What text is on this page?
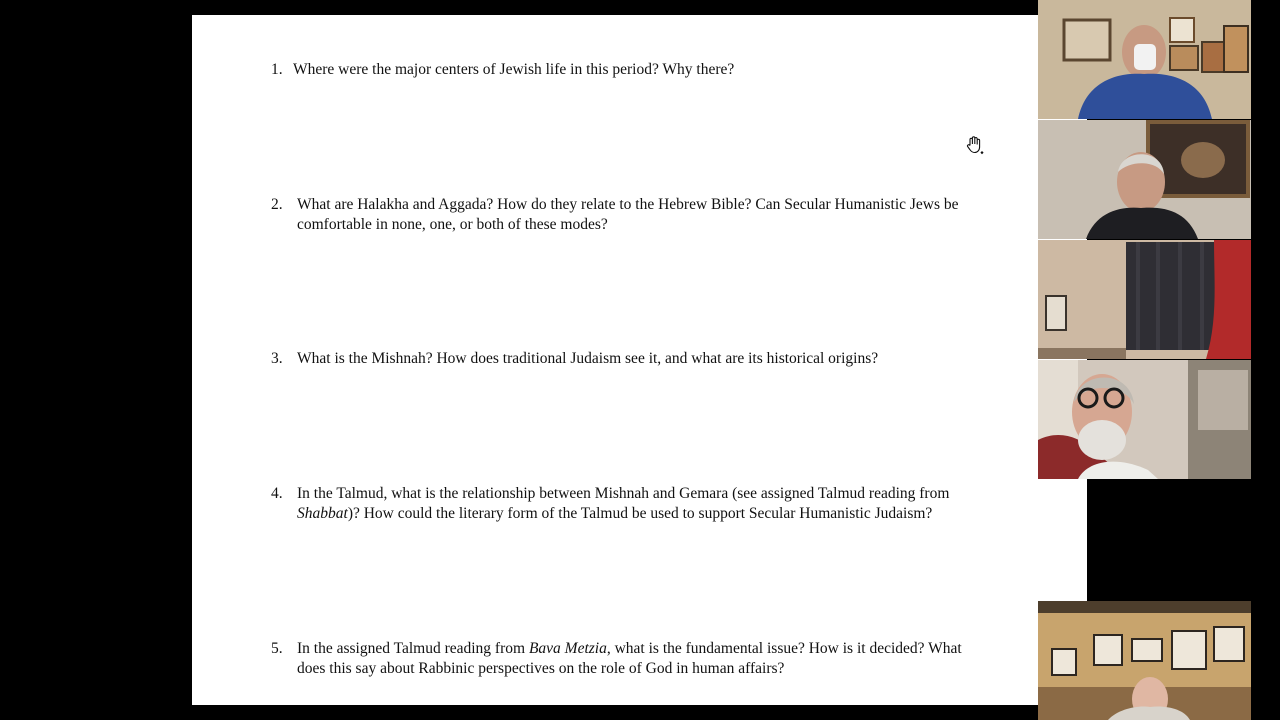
1. Where were the major centers of Jewish life in this period? Why there?
2. What are Halakha and Aggada? How do they relate to the Hebrew Bible? Can Secular Humanistic Jews be comfortable in none, one, or both of these modes?
3. What is the Mishnah? How does traditional Judaism see it, and what are its historical origins?
4. In the Talmud, what is the relationship between Mishnah and Gemara (see assigned Talmud reading from Shabbat)? How could the literary form of the Talmud be used to support Secular Humanistic Judaism?
5. In the assigned Talmud reading from Bava Metzia, what is the fundamental issue? How is it decided? What does this say about Rabbinic perspectives on the role of God in human affairs?
